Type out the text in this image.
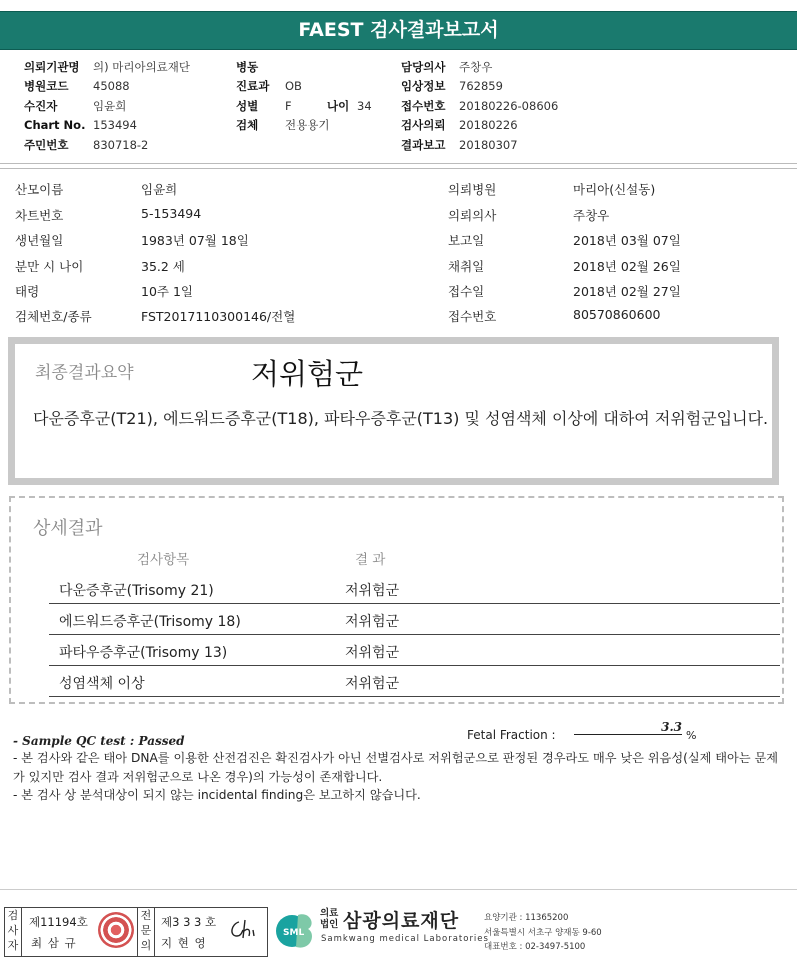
FAEST 검사결과보고서
의뢰기관명	의) 마리아의료재단
병원코드	45088
수진자	임윤희
Chart No. 153494
주민번호	830718-2
병동
진료과	OB
성별	F	나이 34
검체	전용용기
담당의사	주창우
임상정보	762859
접수번호	20180226-08606
검사의뢰	20180226
결과보고	20180307
산모이름	임윤희
차트번호	5-153494
생년월일	1983년 07월 18일
분만 시 나이	35.2 세
태령	10주 1일
검체번호/종류	FST2017110300146/전혈
의뢰병원	마리아(신설동)
의뢰의사	주창우
보고일	2018년 03월 07일
채취일	2018년 02월 26일
접수일	2018년 02월 27일
접수번호	80570860600
최종결과요약	저위험군
다운증후군(T21), 에드워드증후군(T18), 파타우증후군(T13) 및 성염색체 이상에 대하여 저위험군입니다.
상세결과
검사항목	결 과
다운증후군(Trisomy 21)	저위험군
에드워드증후군(Trisomy 18)	저위험군
파타우증후군(Trisomy 13)	저위험군
성염색체 이상	저위험군
- Sample QC test : Passed	Fetal Fraction :
3.3
%
- 본 검사와 같은 태아 DNA를 이용한 산전검진은 확진검사가 아닌 선별검사로 저위험군으로 판정된 경우라도 매우 낮은 위음성(실제 태아는 문제가 있지만 검사 결과 저위험군으로 나온 경우)의 가능성이 존재합니다.
- 본 검사 상 분석대상이 되지 않는 incidental finding은 보고하지 않습니다.
검사자
제11194호
최 삼 규
전문의
제3 3 3 호
지 현 영
SML
의료
법인 삼광의료재단
Samkwang medical Laboratories
요양기관 : 11365200
서울특별시 서초구 양재동 9-60
대표번호 : 02-3497-5100
